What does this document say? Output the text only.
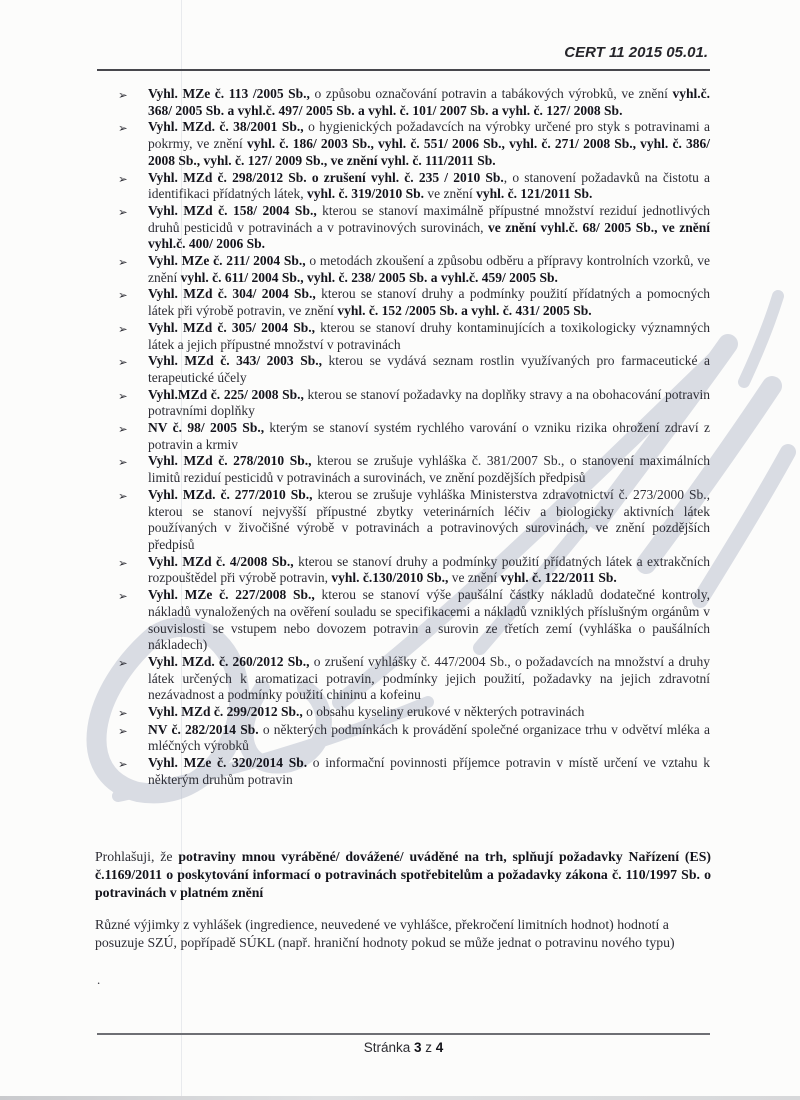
CERT 11 2015 05.01.
➢	Vyhl. MZe č. 113 /2005 Sb., o způsobu označování potravin a tabákových výrobků, ve znění vyhl.č. 368/ 2005 Sb. a vyhl.č. 497/ 2005 Sb. a vyhl. č. 101/ 2007 Sb. a vyhl. č. 127/ 2008 Sb.
➢	Vyhl. MZd. č. 38/2001 Sb., o hygienických požadavcích na výrobky určené pro styk s potravinami a pokrmy, ve znění vyhl. č. 186/ 2003 Sb., vyhl. č. 551/ 2006 Sb., vyhl. č. 271/ 2008 Sb., vyhl. č. 386/ 2008 Sb., vyhl. č. 127/ 2009 Sb., ve znění vyhl. č. 111/2011 Sb.
➢	Vyhl. MZd č. 298/2012 Sb. o zrušení vyhl. č. 235 / 2010 Sb., o stanovení požadavků na čistotu a identifikaci přídatných látek, vyhl. č. 319/2010 Sb. ve znění vyhl. č. 121/2011 Sb.
➢	Vyhl. MZd č. 158/ 2004 Sb., kterou se stanoví maximálně přípustné množství reziduí jednotlivých druhů pesticidů v potravinách a v potravinových surovinách, ve znění vyhl.č. 68/ 2005 Sb., ve znění vyhl.č. 400/ 2006 Sb.
➢	Vyhl. MZe č. 211/ 2004 Sb., o metodách zkoušení a způsobu odběru a přípravy kontrolních vzorků, ve znění vyhl. č. 611/ 2004 Sb., vyhl. č. 238/ 2005 Sb. a vyhl.č. 459/ 2005 Sb.
➢	Vyhl. MZd č. 304/ 2004 Sb., kterou se stanoví druhy a podmínky použití přídatných a pomocných látek při výrobě potravin, ve znění vyhl. č. 152 /2005 Sb. a vyhl. č. 431/ 2005 Sb.
➢	Vyhl. MZd č. 305/ 2004 Sb., kterou se stanoví druhy kontaminujících a toxikologicky významných látek a jejich přípustné množství v potravinách
➢	Vyhl. MZd č. 343/ 2003 Sb., kterou se vydává seznam rostlin využívaných pro farmaceutické a terapeutické účely
➢	Vyhl.MZd č. 225/ 2008 Sb., kterou se stanoví požadavky na doplňky stravy a na obohacování potravin potravními doplňky
➢	NV č. 98/ 2005 Sb., kterým se stanoví systém rychlého varování o vzniku rizika ohrožení zdraví z potravin a krmiv
➢	Vyhl. MZd č. 278/2010 Sb., kterou se zrušuje vyhláška č. 381/2007 Sb., o stanovení maximálních limitů reziduí pesticidů v potravinách a surovinách, ve znění pozdějších předpisů
➢	Vyhl. MZd. č. 277/2010 Sb., kterou se zrušuje vyhláška Ministerstva zdravotnictví č. 273/2000 Sb., kterou se stanoví nejvyšší přípustné zbytky veterinárních léčiv a biologicky aktivních látek používaných v živočišné výrobě v potravinách a potravinových surovinách, ve znění pozdějších předpisů
➢	Vyhl. MZd č. 4/2008 Sb., kterou se stanoví druhy a podmínky použití přídatných látek a extrakčních rozpouštědel při výrobě potravin, vyhl. č.130/2010 Sb., ve znění vyhl. č. 122/2011 Sb.
➢	Vyhl. MZe č. 227/2008 Sb., kterou se stanoví výše paušální částky nákladů dodatečné kontroly, nákladů vynaložených na ověření souladu se specifikacemi a nákladů vzniklých příslušným orgánům v souvislosti se vstupem nebo dovozem potravin a surovin ze třetích zemí (vyhláška o paušálních nákladech)
➢	Vyhl. MZd. č. 260/2012 Sb., o zrušení vyhlášky č. 447/2004 Sb., o požadavcích na množství a druhy látek určených k aromatizaci potravin, podmínky jejich použití, požadavky na jejich zdravotní nezávadnost a podmínky použití chininu a kofeinu
➢	Vyhl. MZd č. 299/2012 Sb., o obsahu kyseliny erukové v některých potravinách
➢	NV č. 282/2014 Sb. o některých podmínkách k provádění společné organizace trhu v odvětví mléka a mléčných výrobků
➢	Vyhl. MZe č. 320/2014 Sb. o informační povinnosti příjemce potravin v místě určení ve vztahu k některým druhům potravin
Prohlašuji, že potraviny mnou vyráběné/ dovážené/ uváděné na trh, splňují požadavky Nařízení (ES) č.1169/2011 o poskytování informací o potravinách spotřebitelům a požadavky zákona č. 110/1997 Sb. o potravinách v platném znění
Různé výjimky z vyhlášek (ingredience, neuvedené ve vyhlášce, překročení limitních hodnot) hodnotí a posuzuje SZÚ, popřípadě SÚKL (např. hraniční hodnoty pokud se může jednat o potravinu nového typu)
.
Stránka 3 z 4
